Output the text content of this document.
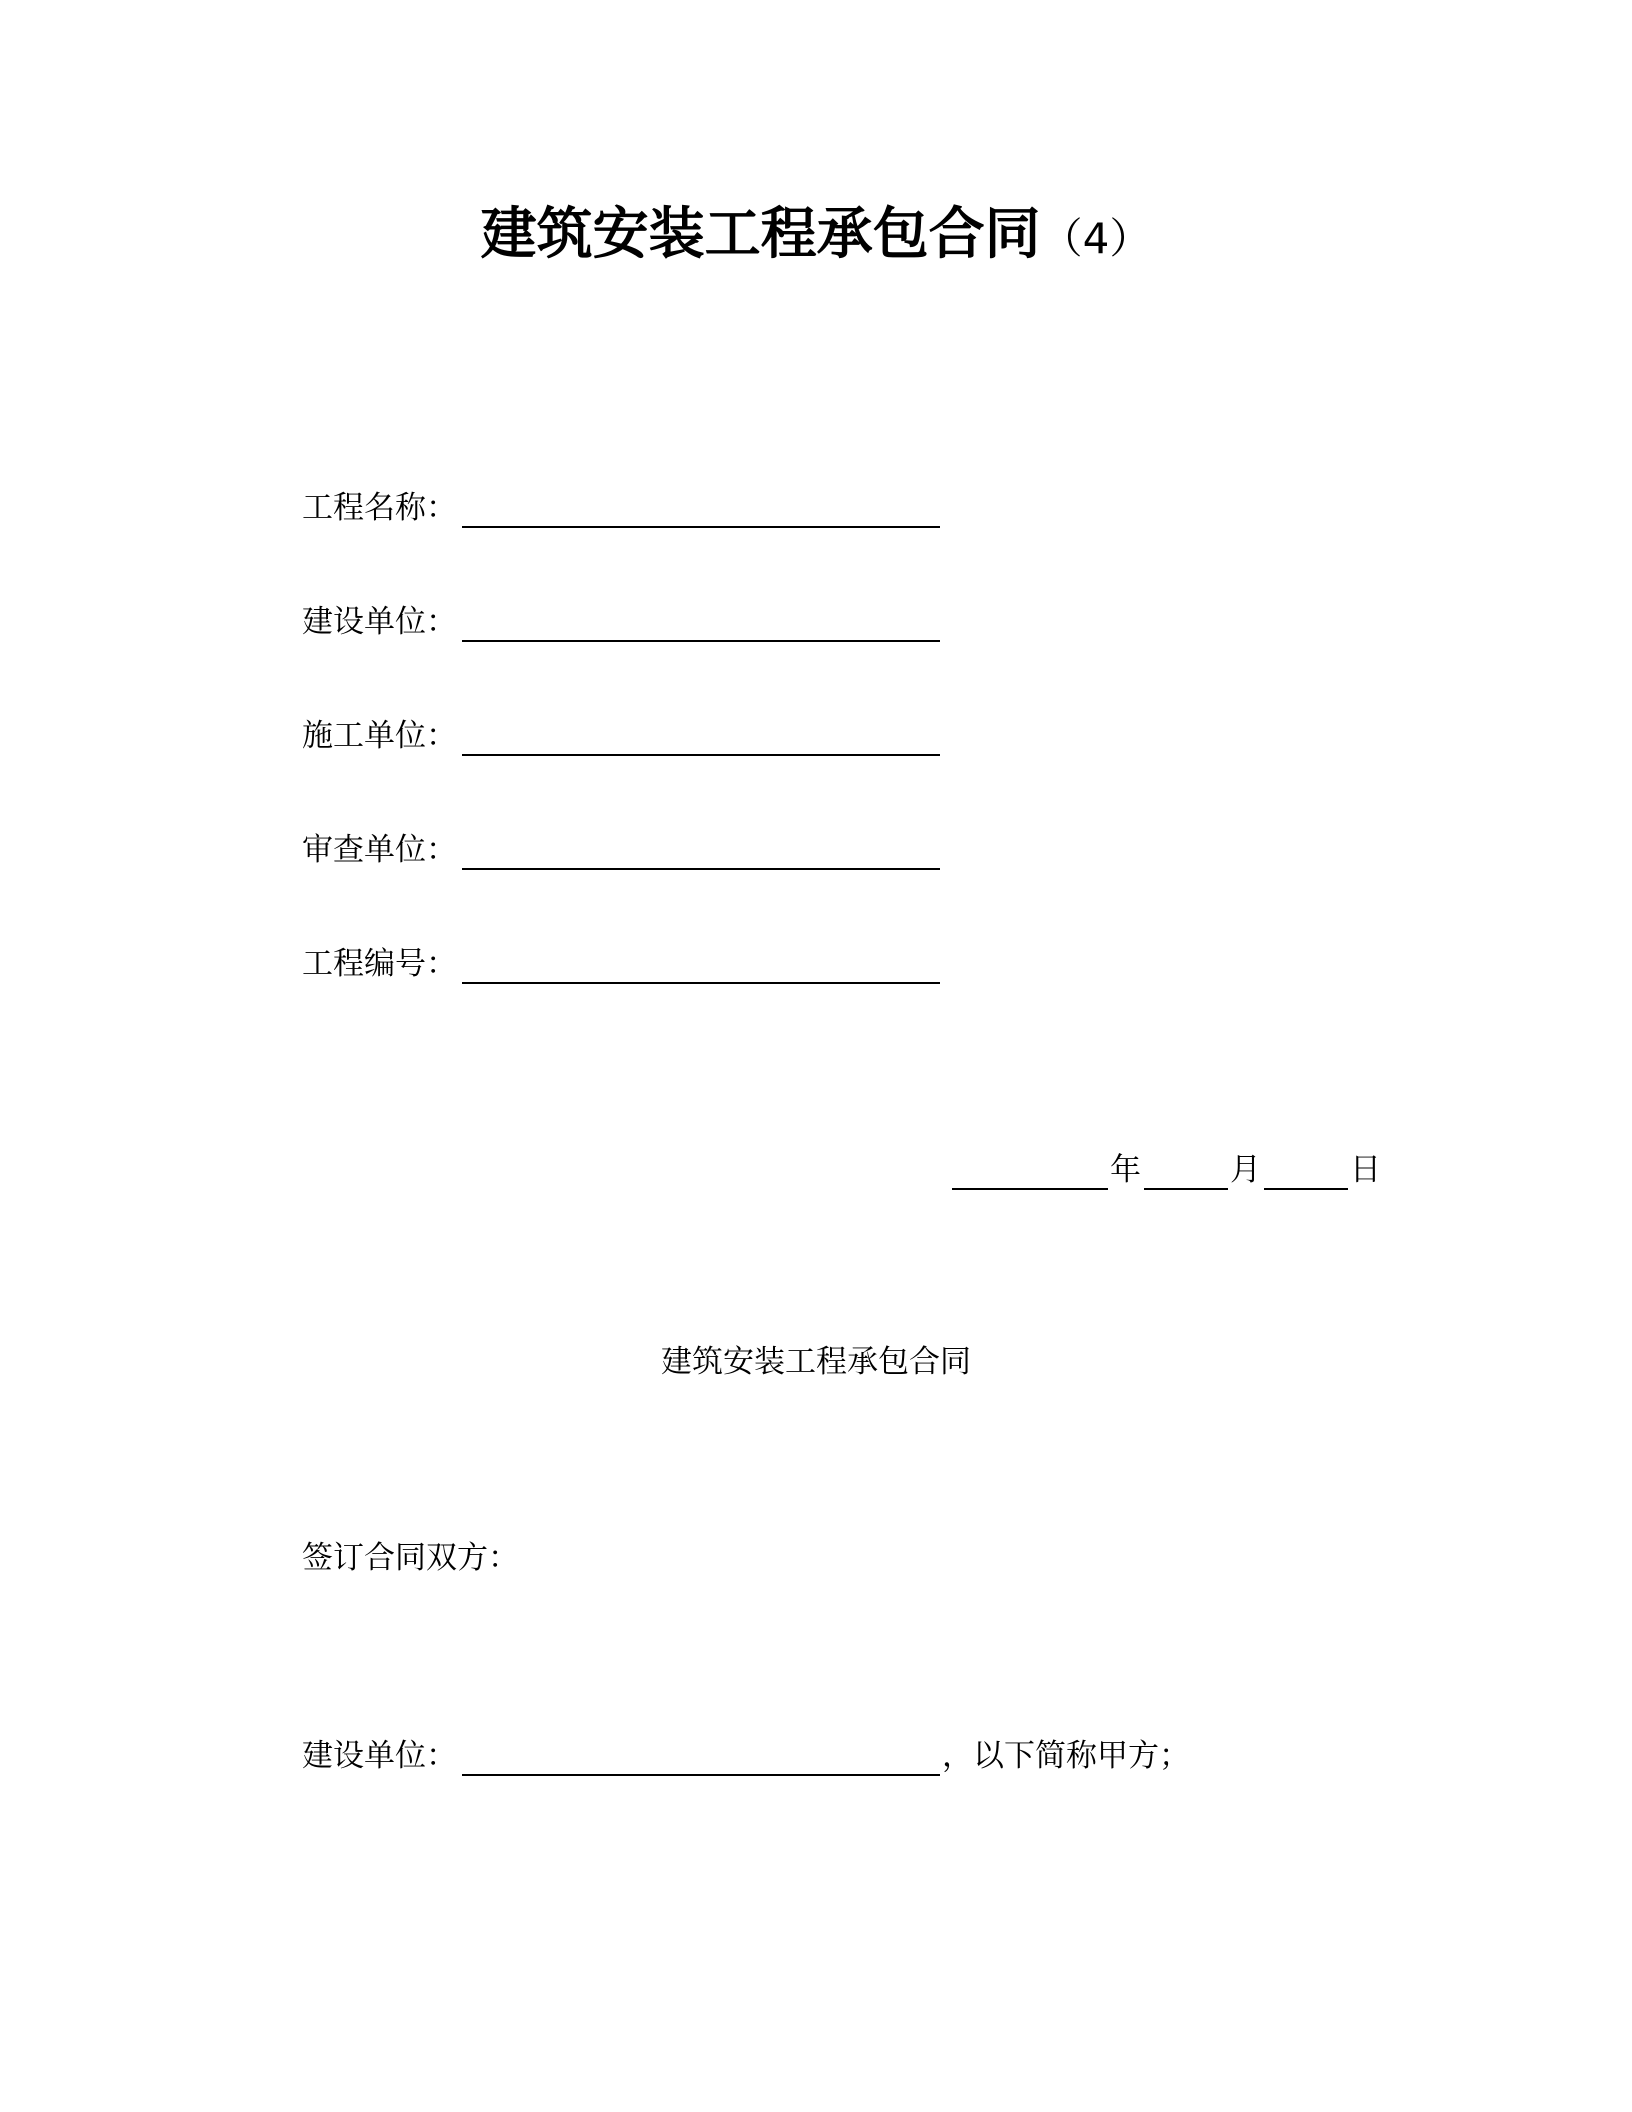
建筑安装工程承包合同（4）
工程名称：
建设单位：
施工单位：
审查单位：
工程编号：
年	月	日
建筑安装工程承包合同
签订合同双方：
建设单位：	，以下简称甲方；
